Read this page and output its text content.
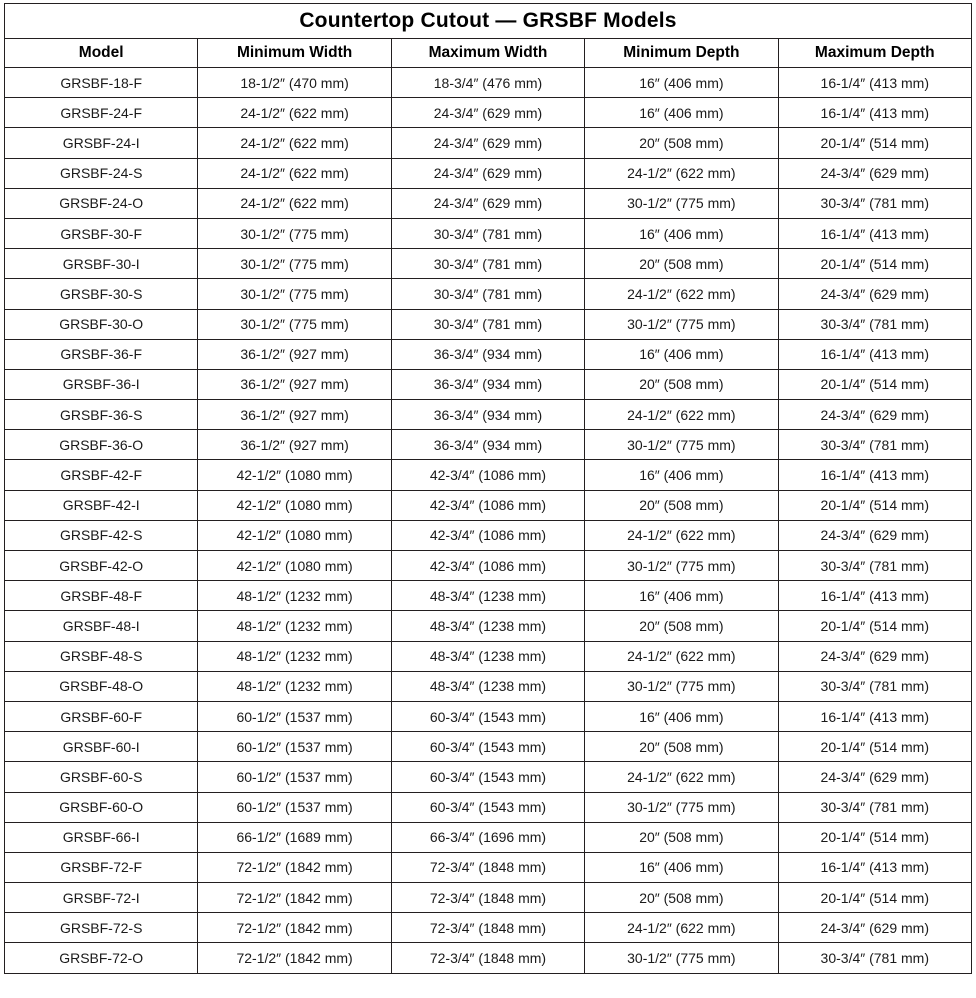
Countertop Cutout — GRSBF Models				
Model	Minimum Width	Maximum Width	Minimum Depth	Maximum Depth
GRSBF-18-F	18-1/2″ (470 mm)	18-3/4″ (476 mm)	16″ (406 mm)	16-1/4″ (413 mm)
GRSBF-24-F	24-1/2″ (622 mm)	24-3/4″ (629 mm)	16″ (406 mm)	16-1/4″ (413 mm)
GRSBF-24-I	24-1/2″ (622 mm)	24-3/4″ (629 mm)	20″ (508 mm)	20-1/4″ (514 mm)
GRSBF-24-S	24-1/2″ (622 mm)	24-3/4″ (629 mm)	24-1/2″ (622 mm)	24-3/4″ (629 mm)
GRSBF-24-O	24-1/2″ (622 mm)	24-3/4″ (629 mm)	30-1/2″ (775 mm)	30-3/4″ (781 mm)
GRSBF-30-F	30-1/2″ (775 mm)	30-3/4″ (781 mm)	16″ (406 mm)	16-1/4″ (413 mm)
GRSBF-30-I	30-1/2″ (775 mm)	30-3/4″ (781 mm)	20″ (508 mm)	20-1/4″ (514 mm)
GRSBF-30-S	30-1/2″ (775 mm)	30-3/4″ (781 mm)	24-1/2″ (622 mm)	24-3/4″ (629 mm)
GRSBF-30-O	30-1/2″ (775 mm)	30-3/4″ (781 mm)	30-1/2″ (775 mm)	30-3/4″ (781 mm)
GRSBF-36-F	36-1/2″ (927 mm)	36-3/4″ (934 mm)	16″ (406 mm)	16-1/4″ (413 mm)
GRSBF-36-I	36-1/2″ (927 mm)	36-3/4″ (934 mm)	20″ (508 mm)	20-1/4″ (514 mm)
GRSBF-36-S	36-1/2″ (927 mm)	36-3/4″ (934 mm)	24-1/2″ (622 mm)	24-3/4″ (629 mm)
GRSBF-36-O	36-1/2″ (927 mm)	36-3/4″ (934 mm)	30-1/2″ (775 mm)	30-3/4″ (781 mm)
GRSBF-42-F	42-1/2″ (1080 mm)	42-3/4″ (1086 mm)	16″ (406 mm)	16-1/4″ (413 mm)
GRSBF-42-I	42-1/2″ (1080 mm)	42-3/4″ (1086 mm)	20″ (508 mm)	20-1/4″ (514 mm)
GRSBF-42-S	42-1/2″ (1080 mm)	42-3/4″ (1086 mm)	24-1/2″ (622 mm)	24-3/4″ (629 mm)
GRSBF-42-O	42-1/2″ (1080 mm)	42-3/4″ (1086 mm)	30-1/2″ (775 mm)	30-3/4″ (781 mm)
GRSBF-48-F	48-1/2″ (1232 mm)	48-3/4″ (1238 mm)	16″ (406 mm)	16-1/4″ (413 mm)
GRSBF-48-I	48-1/2″ (1232 mm)	48-3/4″ (1238 mm)	20″ (508 mm)	20-1/4″ (514 mm)
GRSBF-48-S	48-1/2″ (1232 mm)	48-3/4″ (1238 mm)	24-1/2″ (622 mm)	24-3/4″ (629 mm)
GRSBF-48-O	48-1/2″ (1232 mm)	48-3/4″ (1238 mm)	30-1/2″ (775 mm)	30-3/4″ (781 mm)
GRSBF-60-F	60-1/2″ (1537 mm)	60-3/4″ (1543 mm)	16″ (406 mm)	16-1/4″ (413 mm)
GRSBF-60-I	60-1/2″ (1537 mm)	60-3/4″ (1543 mm)	20″ (508 mm)	20-1/4″ (514 mm)
GRSBF-60-S	60-1/2″ (1537 mm)	60-3/4″ (1543 mm)	24-1/2″ (622 mm)	24-3/4″ (629 mm)
GRSBF-60-O	60-1/2″ (1537 mm)	60-3/4″ (1543 mm)	30-1/2″ (775 mm)	30-3/4″ (781 mm)
GRSBF-66-I	66-1/2″ (1689 mm)	66-3/4″ (1696 mm)	20″ (508 mm)	20-1/4″ (514 mm)
GRSBF-72-F	72-1/2″ (1842 mm)	72-3/4″ (1848 mm)	16″ (406 mm)	16-1/4″ (413 mm)
GRSBF-72-I	72-1/2″ (1842 mm)	72-3/4″ (1848 mm)	20″ (508 mm)	20-1/4″ (514 mm)
GRSBF-72-S	72-1/2″ (1842 mm)	72-3/4″ (1848 mm)	24-1/2″ (622 mm)	24-3/4″ (629 mm)
GRSBF-72-O	72-1/2″ (1842 mm)	72-3/4″ (1848 mm)	30-1/2″ (775 mm)	30-3/4″ (781 mm)
